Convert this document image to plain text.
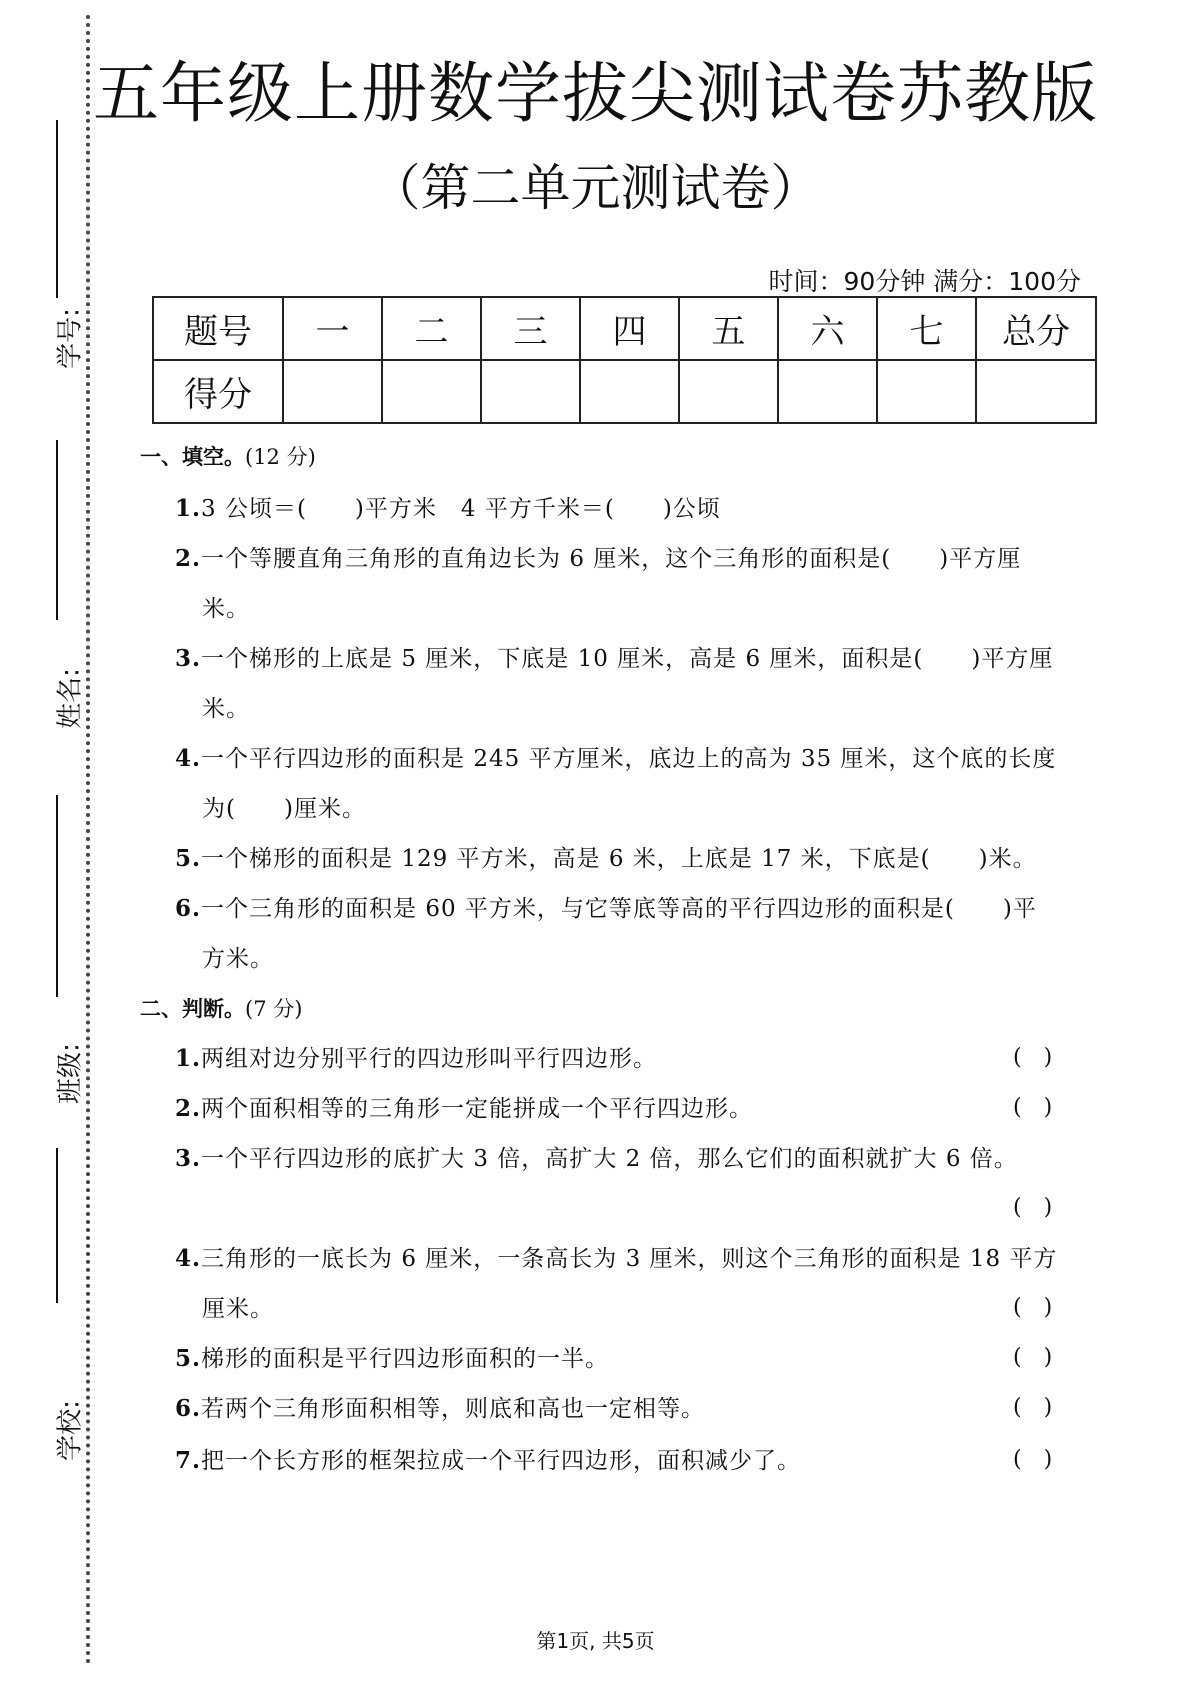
学号:
姓名:
班级:
学校:
五年级上册数学拔尖测试卷苏教版
（第二单元测试卷）
时间：90分钟 满分：100分
题号	一	二	三	四	五	六	七	总分
得分								
一、填空。(12 分)
1.3 公顷＝(　　)平方米　4 平方千米＝(　　)公顷
2.一个等腰直角三角形的直角边长为 6 厘米，这个三角形的面积是(　　)平方厘
米。
3.一个梯形的上底是 5 厘米，下底是 10 厘米，高是 6 厘米，面积是(　　)平方厘
米。
4.一个平行四边形的面积是 245 平方厘米，底边上的高为 35 厘米，这个底的长度
为(　　)厘米。
5.一个梯形的面积是 129 平方米，高是 6 米，上底是 17 米，下底是(　　)米。
6.一个三角形的面积是 60 平方米，与它等底等高的平行四边形的面积是(　　)平
方米。
二、判断。(7 分)
1.两组对边分别平行的四边形叫平行四边形。	(　)
2.两个面积相等的三角形一定能拼成一个平行四边形。	(　)
3.一个平行四边形的底扩大 3 倍，高扩大 2 倍，那么它们的面积就扩大 6 倍。
(　)
4.三角形的一底长为 6 厘米，一条高长为 3 厘米，则这个三角形的面积是 18 平方
厘米。	(　)
5.梯形的面积是平行四边形面积的一半。	(　)
6.若两个三角形面积相等，则底和高也一定相等。	(　)
7.把一个长方形的框架拉成一个平行四边形，面积减少了。	(　)
第1页, 共5页
